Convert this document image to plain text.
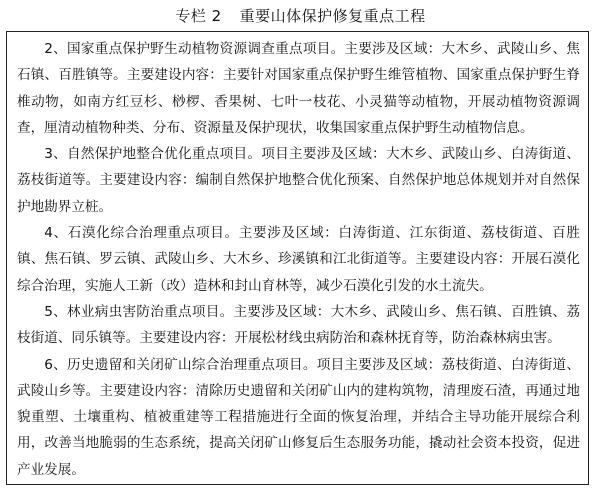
专栏 2 重要山体保护修复重点工程

2、国家重点保护野生动植物资源调查重点项目。主要涉及区域：大木乡、武陵山乡、焦石镇、百胜镇等。主要建设内容：主要针对国家重点保护野生维管植物、国家重点保护野生脊椎动物，如南方红豆杉、桫椤、香果树、七叶一枝花、小灵猫等动植物，开展动植物资源调查，厘清动植物种类、分布、资源量及保护现状，收集国家重点保护野生动植物信息。

3、自然保护地整合优化重点项目。项目主要涉及区域：大木乡、武陵山乡、白涛街道、荔枝街道等。主要建设内容：编制自然保护地整合优化预案、自然保护地总体规划并对自然保护地勘界立桩。

4、石漠化综合治理重点项目。主要涉及区域：白涛街道、江东街道、荔枝街道、百胜镇、焦石镇、罗云镇、武陵山乡、大木乡、珍溪镇和江北街道等。主要建设内容：开展石漠化综合治理，实施人工新（改）造林和封山育林等，减少石漠化引发的水土流失。

5、林业病虫害防治重点项目。主要涉及区域：大木乡、武陵山乡、焦石镇、百胜镇、荔枝街道、同乐镇等。主要建设内容：开展松材线虫病防治和森林抚育等，防治森林病虫害。

6、历史遗留和关闭矿山综合治理重点项目。项目主要涉及区域：荔枝街道、白涛街道、武陵山乡等。主要建设内容：清除历史遗留和关闭矿山内的建构筑物，清理废石渣，再通过地貌重塑、土壤重构、植被重建等工程措施进行全面的恢复治理，并结合主导功能开展综合利用，改善当地脆弱的生态系统，提高关闭矿山修复后生态服务功能，撬动社会资本投资，促进产业发展。
